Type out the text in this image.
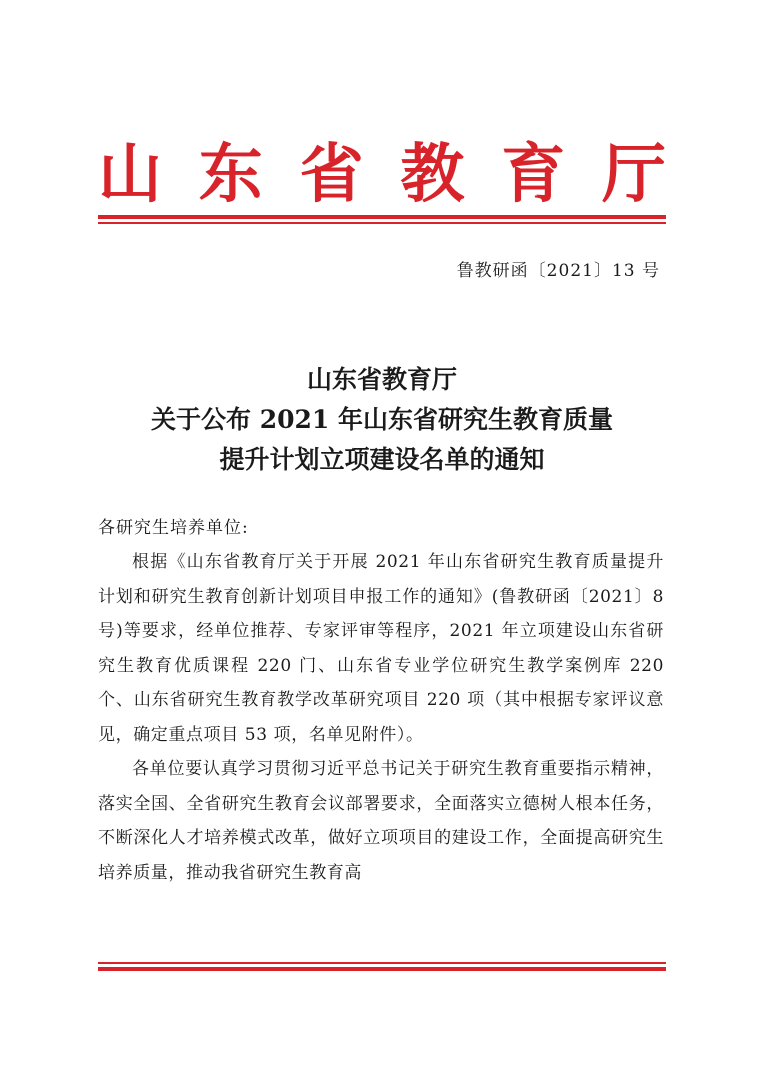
山 东 省 教 育 厅
鲁教研函〔2021〕13 号
山东省教育厅
关于公布 2021 年山东省研究生教育质量
提升计划立项建设名单的通知
各研究生培养单位:

根据《山东省教育厅关于开展 2021 年山东省研究生教育质量提升计划和研究生教育创新计划项目申报工作的通知》(鲁教研函〔2021〕8 号)等要求，经单位推荐、专家评审等程序，2021 年立项建设山东省研究生教育优质课程 220 门、山东省专业学位研究生教学案例库 220 个、山东省研究生教育教学改革研究项目 220 项（其中根据专家评议意见，确定重点项目 53 项，名单见附件）。

各单位要认真学习贯彻习近平总书记关于研究生教育重要指示精神，落实全国、全省研究生教育会议部署要求，全面落实立德树人根本任务，不断深化人才培养模式改革，做好立项项目的建设工作，全面提高研究生培养质量，推动我省研究生教育高
